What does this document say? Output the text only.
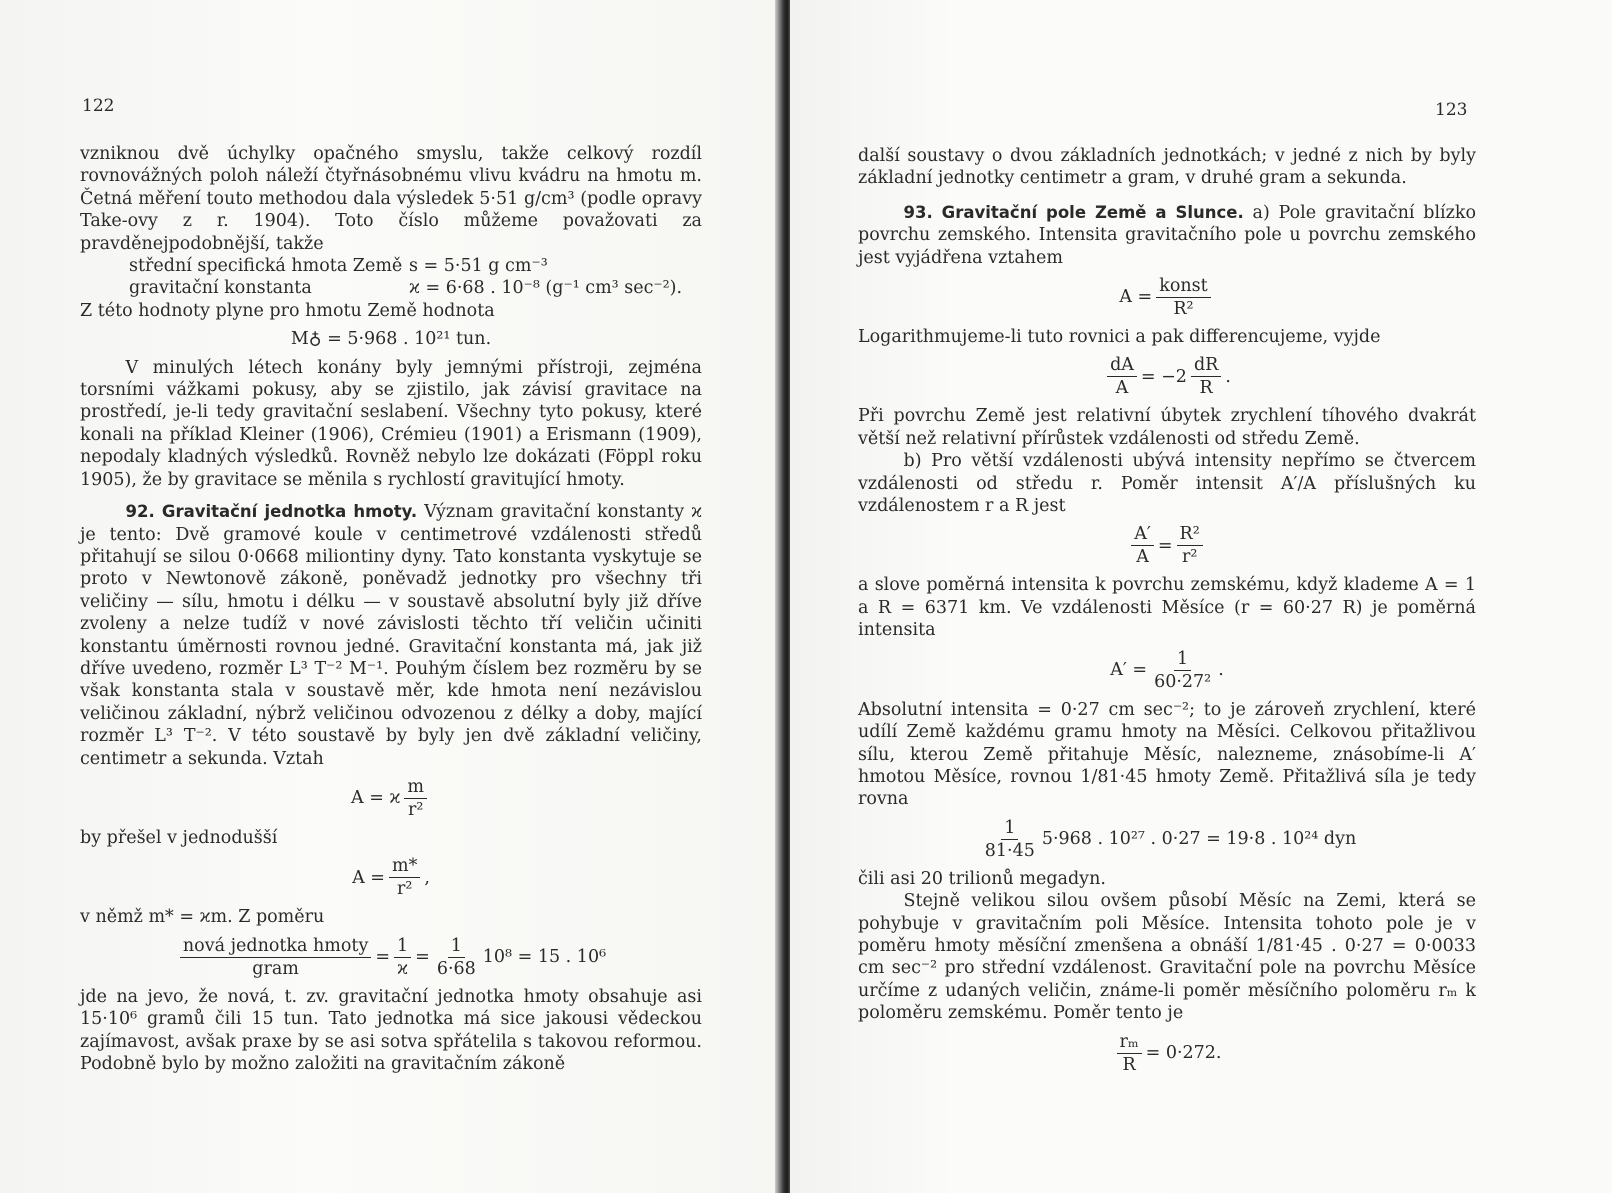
122

vzniknou dvě úchylky opačného smyslu, takže celkový rozdíl rovnovážných poloh náleží čtyřnásobnému vlivu kvádru na hmotu m. Četná měření touto methodou dala výsledek 5·51 g/cm³ (podle opravy Take-ovy z r. 1904). Toto číslo můžeme považovati za pravděnejpodobnější, takže

střední specifická hmota Země s = 5·51 g cm⁻³
gravitační konstanta	ϰ = 6·68 . 10⁻⁸ (g⁻¹ cm³ sec⁻²).

Z této hodnoty plyne pro hmotu Země hodnota

M♁ = 5·968 . 10²¹ tun.

V minulých létech konány byly jemnými přístroji, zejména torsními vážkami pokusy, aby se zjistilo, jak závisí gravitace na prostředí, je-li tedy gravitační seslabení. Všechny tyto pokusy, které konali na příklad Kleiner (1906), Crémieu (1901) a Erismann (1909), nepodaly kladných výsledků. Rovněž nebylo lze dokázati (Föppl roku 1905), že by gravitace se měnila s rychlostí gravitující hmoty.

92. Gravitační jednotka hmoty. Význam gravitační konstanty ϰ je tento: Dvě gramové koule v centimetrové vzdálenosti středů přitahují se silou 0·0668 miliontiny dyny. Tato konstanta vyskytuje se proto v Newtonově zákoně, poněvadž jednotky pro všechny tři veličiny — sílu, hmotu i délku — v soustavě absolutní byly již dříve zvoleny a nelze tudíž v nové závislosti těchto tří veličin učiniti konstantu úměrnosti rovnou jedné. Gravitační konstanta má, jak již dříve uvedeno, rozměr L³ T⁻² M⁻¹. Pouhým číslem bez rozměru by se však konstanta stala v soustavě měr, kde hmota není nezávislou veličinou základní, nýbrž veličinou odvozenou z délky a doby, mající rozměr L³ T⁻². V této soustavě by byly jen dvě základní veličiny, centimetr a sekunda. Vztah

A = ϰ $\frac{m}{\text{r²}}$

by přešel v jednodušší

$A = \frac{m*}{\text{r²}}$ ,

v němž m* = ϰm. Z poměru

$\frac{\text{nová jednotka hmoty}}{\text{gram}} = \frac{1}{ϰ} = \frac{1}{6\cdot 68} 10^8 = 15$ . 10⁶

jde na jevo, že nová, t. zv. gravitační jednotka hmoty obsahuje asi 15·10⁶ gramů čili 15 tun. Tato jednotka má sice jakousi vědeckou zajímavost, avšak praxe by se asi sotva spřátelila s takovou reformou. Podobně bylo by možno založiti na gravitačním zákoně

123

další soustavy o dvou základních jednotkách; v jedné z nich by byly základní jednotky centimetr a gram, v druhé gram a sekunda.

93. Gravitační pole Země a Slunce. a) Pole gravitační blízko povrchu zemského. Intensita gravitačního pole u povrchu zemského jest vyjádřena vztahem

$A = \frac{\text{konst}}{\text{R²}}$

Logarithmujeme-li tuto rovnici a pak differencujeme, vyjde

$\frac{dA}{A} = -2 \frac{dR}{R}$ .

Při povrchu Země jest relativní úbytek zrychlení tíhového dvakrát větší než relativní přírůstek vzdálenosti od středu Země.

b) Pro větší vzdálenosti ubývá intensity nepřímo se čtvercem vzdálenosti od středu r. Poměr intensit A′/A příslušných ku vzdálenostem r a R jest

$\frac{A'}{A} = \frac{\text{R²}}{\text{r²}}$

a slove poměrná intensita k povrchu zemskému, když klademe A = 1 a R = 6371 km. Ve vzdálenosti Měsíce (r = 60·27 R) je poměrná intensita

$A' = \frac{1}{\text{60·27²}}$ .

Absolutní intensita = 0·27 cm sec⁻²; to je zároveň zrychlení, které udílí Země každému gramu hmoty na Měsíci. Celkovou přitažlivou sílu, kterou Země přitahuje Měsíc, nalezneme, znásobíme-li A′ hmotou Měsíce, rovnou 1/81·45 hmoty Země. Přitažlivá síla je tedy rovna

$\frac{1}{81\cdot 45} 5\cdot 968$ . 10²⁷ . 0·27 = 19·8 . 10²⁴ dyn

čili asi 20 trilionů megadyn.

Stejně velikou silou ovšem působí Měsíc na Zemi, která se pohybuje v gravitačním poli Měsíce. Intensita tohoto pole je v poměru hmoty měsíční zmenšena a obnáší 1/81·45 . 0·27 = 0·0033 cm sec⁻² pro střední vzdálenost. Gravitační pole na povrchu Měsíce určíme z udaných veličin, známe-li poměr měsíčního poloměru rₘ k poloměru zemskému. Poměr tento je

$\frac{\text{rₘ}}{R} = 0\cdot 272$.
